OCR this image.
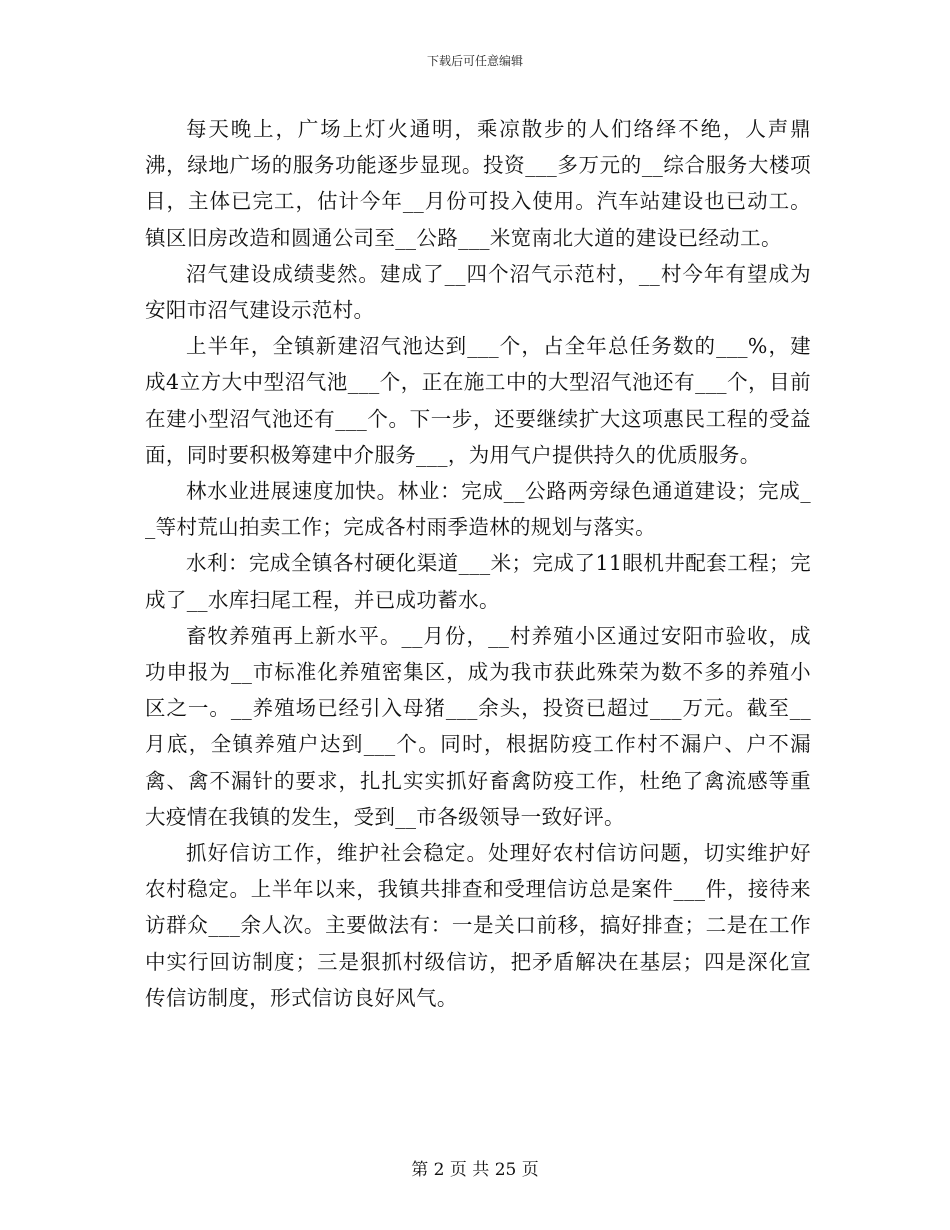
下载后可任意编辑

每天晚上，广场上灯火通明，乘凉散步的人们络绎不绝，人声鼎沸，绿地广场的服务功能逐步显现。投资___多万元的__综合服务大楼项目，主体已完工，估计今年__月份可投入使用。汽车站建设也已动工。镇区旧房改造和圆通公司至__公路___米宽南北大道的建设已经动工。

沼气建设成绩斐然。建成了__四个沼气示范村，__村今年有望成为安阳市沼气建设示范村。

上半年，全镇新建沼气池达到___个，占全年总任务数的___%，建成4立方大中型沼气池___个，正在施工中的大型沼气池还有___个，目前在建小型沼气池还有___个。下一步，还要继续扩大这项惠民工程的受益面，同时要积极筹建中介服务___，为用气户提供持久的优质服务。

林水业进展速度加快。林业：完成__公路两旁绿色通道建设；完成__等村荒山拍卖工作；完成各村雨季造林的规划与落实。

水利：完成全镇各村硬化渠道___米；完成了11眼机井配套工程；完成了__水库扫尾工程，并已成功蓄水。

畜牧养殖再上新水平。__月份，__村养殖小区通过安阳市验收，成功申报为__市标准化养殖密集区，成为我市获此殊荣为数不多的养殖小区之一。__养殖场已经引入母猪___余头，投资已超过___万元。截至__月底，全镇养殖户达到___个。同时，根据防疫工作村不漏户、户不漏禽、禽不漏针的要求，扎扎实实抓好畜禽防疫工作，杜绝了禽流感等重大疫情在我镇的发生，受到__市各级领导一致好评。

抓好信访工作，维护社会稳定。处理好农村信访问题，切实维护好农村稳定。上半年以来，我镇共排查和受理信访总是案件___件，接待来访群众___余人次。主要做法有：一是关口前移，搞好排查；二是在工作中实行回访制度；三是狠抓村级信访，把矛盾解决在基层；四是深化宣传信访制度，形式信访良好风气。

第 2 页 共 25 页
